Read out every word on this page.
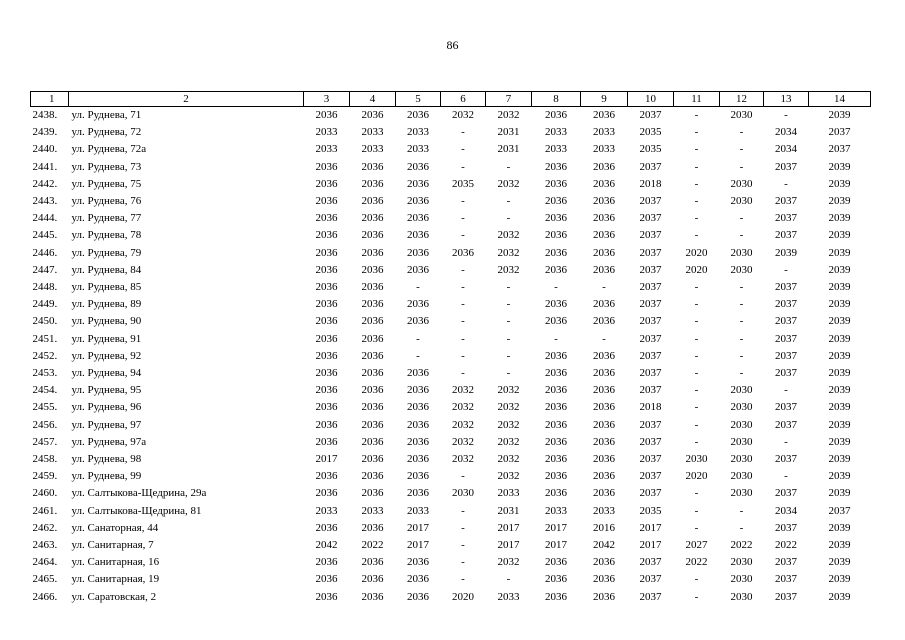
86
1	2	3	4	5	6	7	8	9	10	11	12	13	14
2438.	ул. Руднева, 71	2036	2036	2036	2032	2032	2036	2036	2037	-	2030	-	2039
2439.	ул. Руднева, 72	2033	2033	2033	-	2031	2033	2033	2035	-	-	2034	2037
2440.	ул. Руднева, 72а	2033	2033	2033	-	2031	2033	2033	2035	-	-	2034	2037
2441.	ул. Руднева, 73	2036	2036	2036	-	-	2036	2036	2037	-	-	2037	2039
2442.	ул. Руднева, 75	2036	2036	2036	2035	2032	2036	2036	2018	-	2030	-	2039
2443.	ул. Руднева, 76	2036	2036	2036	-	-	2036	2036	2037	-	2030	2037	2039
2444.	ул. Руднева, 77	2036	2036	2036	-	-	2036	2036	2037	-	-	2037	2039
2445.	ул. Руднева, 78	2036	2036	2036	-	2032	2036	2036	2037	-	-	2037	2039
2446.	ул. Руднева, 79	2036	2036	2036	2036	2032	2036	2036	2037	2020	2030	2039	2039
2447.	ул. Руднева, 84	2036	2036	2036	-	2032	2036	2036	2037	2020	2030	-	2039
2448.	ул. Руднева, 85	2036	2036	-	-	-	-	-	2037	-	-	2037	2039
2449.	ул. Руднева, 89	2036	2036	2036	-	-	2036	2036	2037	-	-	2037	2039
2450.	ул. Руднева, 90	2036	2036	2036	-	-	2036	2036	2037	-	-	2037	2039
2451.	ул. Руднева, 91	2036	2036	-	-	-	-	-	2037	-	-	2037	2039
2452.	ул. Руднева, 92	2036	2036	-	-	-	2036	2036	2037	-	-	2037	2039
2453.	ул. Руднева, 94	2036	2036	2036	-	-	2036	2036	2037	-	-	2037	2039
2454.	ул. Руднева, 95	2036	2036	2036	2032	2032	2036	2036	2037	-	2030	-	2039
2455.	ул. Руднева, 96	2036	2036	2036	2032	2032	2036	2036	2018	-	2030	2037	2039
2456.	ул. Руднева, 97	2036	2036	2036	2032	2032	2036	2036	2037	-	2030	2037	2039
2457.	ул. Руднева, 97а	2036	2036	2036	2032	2032	2036	2036	2037	-	2030	-	2039
2458.	ул. Руднева, 98	2017	2036	2036	2032	2032	2036	2036	2037	2030	2030	2037	2039
2459.	ул. Руднева, 99	2036	2036	2036	-	2032	2036	2036	2037	2020	2030	-	2039
2460.	ул. Салтыкова-Щедрина, 29а	2036	2036	2036	2030	2033	2036	2036	2037	-	2030	2037	2039
2461.	ул. Салтыкова-Щедрина, 81	2033	2033	2033	-	2031	2033	2033	2035	-	-	2034	2037
2462.	ул. Санаторная, 44	2036	2036	2017	-	2017	2017	2016	2017	-	-	2037	2039
2463.	ул. Санитарная, 7	2042	2022	2017	-	2017	2017	2042	2017	2027	2022	2022	2039
2464.	ул. Санитарная, 16	2036	2036	2036	-	2032	2036	2036	2037	2022	2030	2037	2039
2465.	ул. Санитарная, 19	2036	2036	2036	-	-	2036	2036	2037	-	2030	2037	2039
2466.	ул. Саратовская, 2	2036	2036	2036	2020	2033	2036	2036	2037	-	2030	2037	2039
